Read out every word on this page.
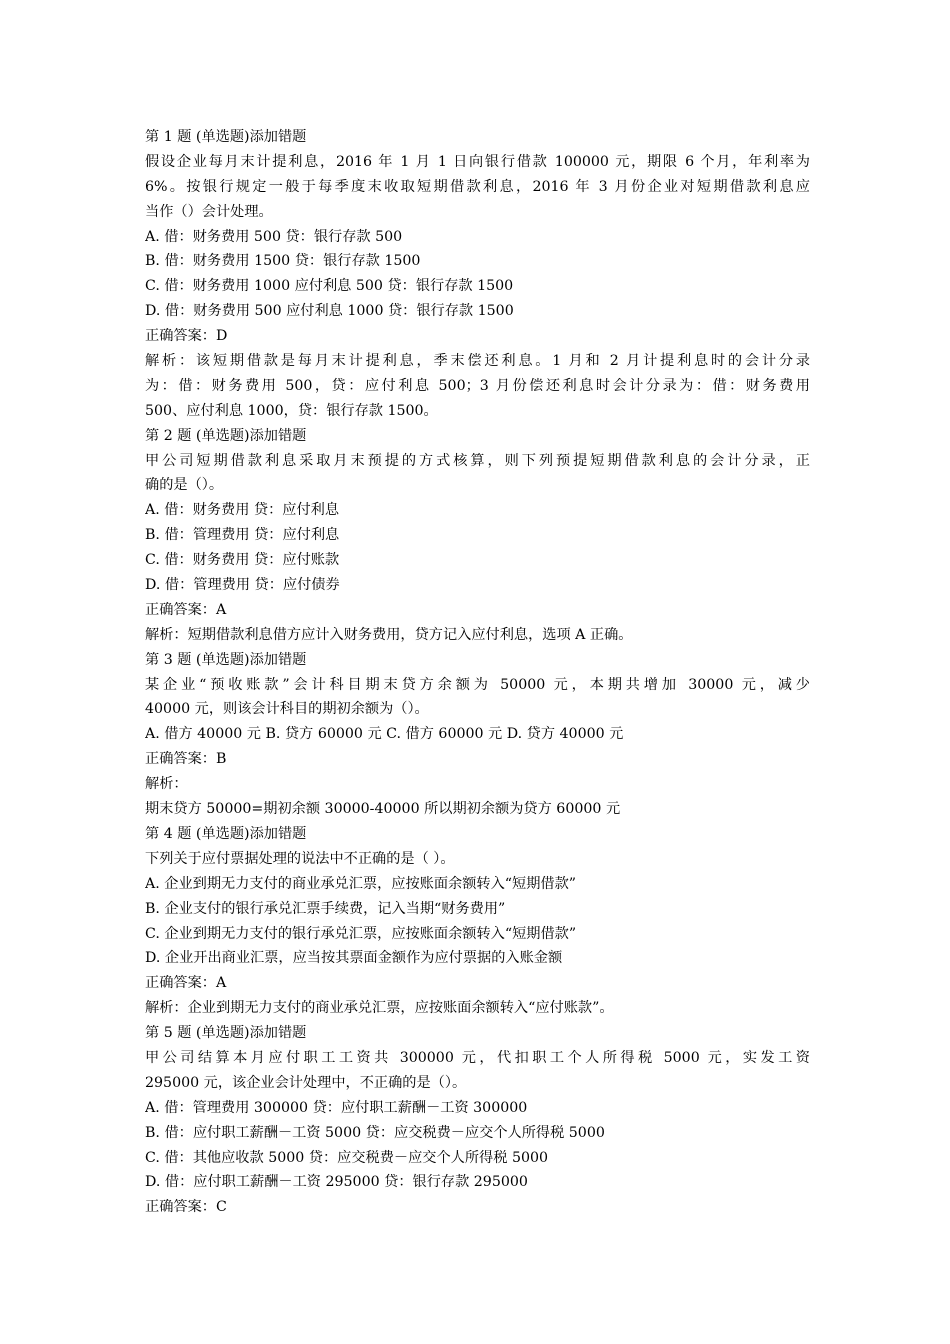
第 1 题 (单选题)添加错题
假设企业每月末计提利息，2016 年 1 月 1 日向银行借款 100000 元，期限 6 个月，年利率为
6%。按银行规定一般于每季度末收取短期借款利息，2016 年 3 月份企业对短期借款利息应
当作（）会计处理。
A. 借：财务费用 500 贷：银行存款 500
B. 借：财务费用 1500 贷：银行存款 1500
C. 借：财务费用 1000 应付利息 500 贷：银行存款 1500
D. 借：财务费用 500 应付利息 1000 贷：银行存款 1500
正确答案：D
解析：该短期借款是每月末计提利息，季末偿还利息。1 月和 2 月计提利息时的会计分录
为：借：财务费用 500，贷：应付利息 500；3 月份偿还利息时会计分录为：借：财务费用
500、应付利息 1000，贷：银行存款 1500。
第 2 题 (单选题)添加错题
甲公司短期借款利息采取月末预提的方式核算，则下列预提短期借款利息的会计分录，正
确的是（）。
A. 借：财务费用 贷：应付利息
B. 借：管理费用 贷：应付利息
C. 借：财务费用 贷：应付账款
D. 借：管理费用 贷：应付债券
正确答案：A
解析：短期借款利息借方应计入财务费用，贷方记入应付利息，选项 A 正确。
第 3 题 (单选题)添加错题
某企业“预收账款”会计科目期末贷方余额为 50000 元，本期共增加 30000 元，减少
40000 元，则该会计科目的期初余额为（）。
A. 借方 40000 元 B. 贷方 60000 元 C. 借方 60000 元 D. 贷方 40000 元
正确答案：B
解析：
期末贷方 50000=期初余额 30000-40000 所以期初余额为贷方 60000 元
第 4 题 (单选题)添加错题
下列关于应付票据处理的说法中不正确的是（ ）。
A. 企业到期无力支付的商业承兑汇票，应按账面余额转入“短期借款”
B. 企业支付的银行承兑汇票手续费，记入当期“财务费用”
C. 企业到期无力支付的银行承兑汇票，应按账面余额转入“短期借款”
D. 企业开出商业汇票，应当按其票面金额作为应付票据的入账金额
正确答案：A
解析：企业到期无力支付的商业承兑汇票，应按账面余额转入“应付账款”。
第 5 题 (单选题)添加错题
甲公司结算本月应付职工工资共 300000 元，代扣职工个人所得税 5000 元，实发工资
295000 元，该企业会计处理中，不正确的是（）。
A. 借：管理费用 300000 贷：应付职工薪酬－工资 300000
B. 借：应付职工薪酬－工资 5000 贷：应交税费－应交个人所得税 5000
C. 借：其他应收款 5000 贷：应交税费－应交个人所得税 5000
D. 借：应付职工薪酬－工资 295000 贷：银行存款 295000
正确答案：C
